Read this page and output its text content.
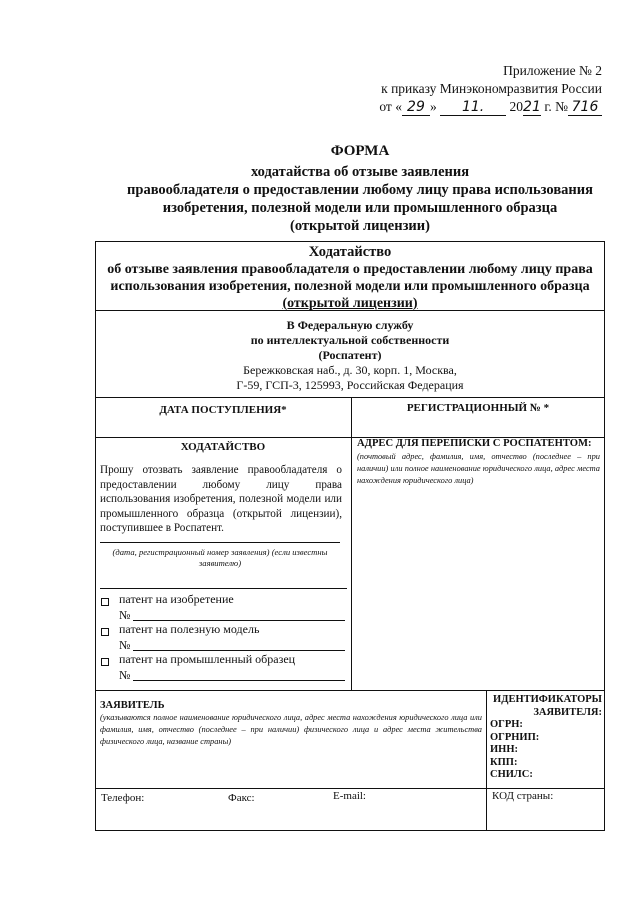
Приложение № 2
к приказу Минэкономразвития России
от « 29 » 11. 2021 г. № 716
ФОРМА
ходатайства об отзыве заявления
правообладателя о предоставлении любому лицу права использования
изобретения, полезной модели или промышленного образца
(открытой лицензии)
Ходатайство
об отзыве заявления правообладателя о предоставлении любому лицу права
использования изобретения, полезной модели или промышленного образца
(открытой лицензии)
В Федеральную службу
по интеллектуальной собственности
(Роспатент)
Бережковская наб., д. 30, корп. 1, Москва,
Г-59, ГСП-3, 125993, Российская Федерация
ДАТА ПОСТУПЛЕНИЯ*	РЕГИСТРАЦИОННЫЙ № *
ХОДАТАЙСТВО
Прошу отозвать заявление правообладателя о предоставлении любому лицу права использования изобретения, полезной модели или промышленного образца (открытой лицензии), поступившее в Роспатент.
(дата, регистрационный номер заявления) (если известны заявителю)
АДРЕС ДЛЯ ПЕРЕПИСКИ С РОСПАТЕНТОМ:
(почтовый адрес, фамилия, имя, отчество (последнее – при наличии) или полное наименование юридического лица, адрес места нахождения юридического лица)
патент на изобретение
№
патент на полезную модель
№
патент на промышленный образец
№
ЗАЯВИТЕЛЬ
(указываются полное наименование юридического лица, адрес места нахождения юридического лица или фамилия, имя, отчество (последнее – при наличии) физического лица и адрес места жительства физического лица, название страны)
ИДЕНТИФИКАТОРЫ
ЗАЯВИТЕЛЯ:
ОГРН:
ОГРНИП:
ИНН:
КПП:
СНИЛС:
Телефон:	Факс:	E-mail:	КОД страны:
